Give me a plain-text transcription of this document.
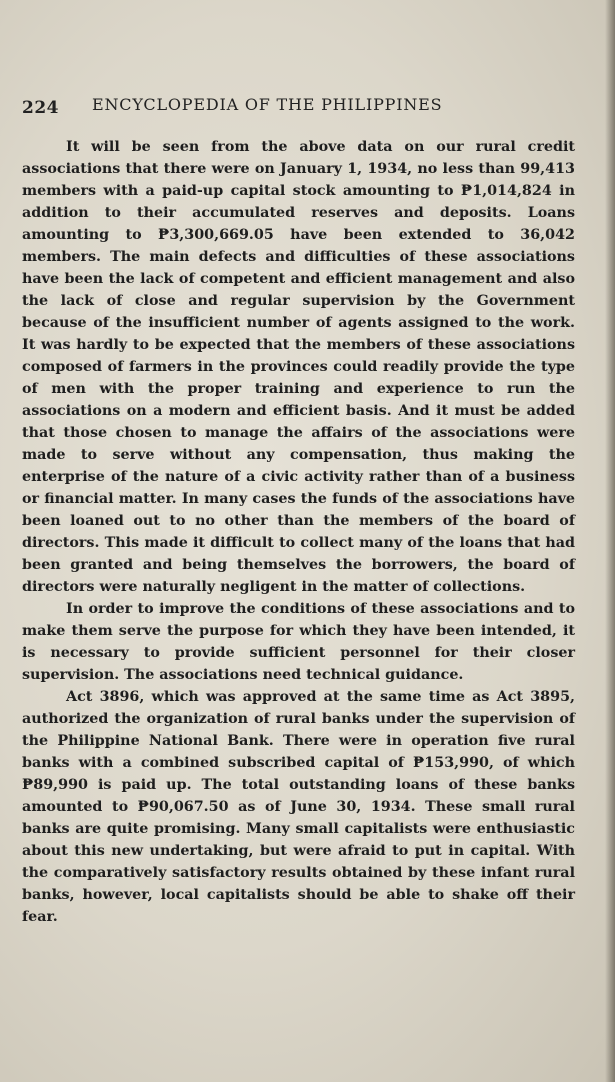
224 ENCYCLOPEDIA OF THE PHILIPPINES

It will be seen from the above data on our rural credit associations that there were on January 1, 1934, no less than 99,413 members with a paid-up capital stock amounting to ₱1,014,824 in addition to their accumulated reserves and deposits. Loans amounting to ₱3,300,669.05 have been extended to 36,042 members. The main defects and difficulties of these associations have been the lack of competent and efficient management and also the lack of close and regular supervision by the Government because of the insufficient number of agents assigned to the work. It was hardly to be expected that the members of these associations composed of farmers in the provinces could readily provide the type of men with the proper training and experience to run the associations on a modern and efficient basis. And it must be added that those chosen to manage the affairs of the associations were made to serve without any compensation, thus making the enterprise of the nature of a civic activity rather than of a business or financial matter. In many cases the funds of the associations have been loaned out to no other than the members of the board of directors. This made it difficult to collect many of the loans that had been granted and being themselves the borrowers, the board of directors were naturally negligent in the matter of collections.

In order to improve the conditions of these associations and to make them serve the purpose for which they have been intended, it is necessary to provide sufficient personnel for their closer supervision. The associations need technical guidance.

Act 3896, which was approved at the same time as Act 3895, authorized the organization of rural banks under the supervision of the Philippine National Bank. There were in operation five rural banks with a combined subscribed capital of ₱153,990, of which ₱89,990 is paid up. The total outstanding loans of these banks amounted to ₱90,067.50 as of June 30, 1934. These small rural banks are quite promising. Many small capitalists were enthusiastic about this new undertaking, but were afraid to put in capital. With the comparatively satisfactory results obtained by these infant rural banks, however, local capitalists should be able to shake off their fear.
